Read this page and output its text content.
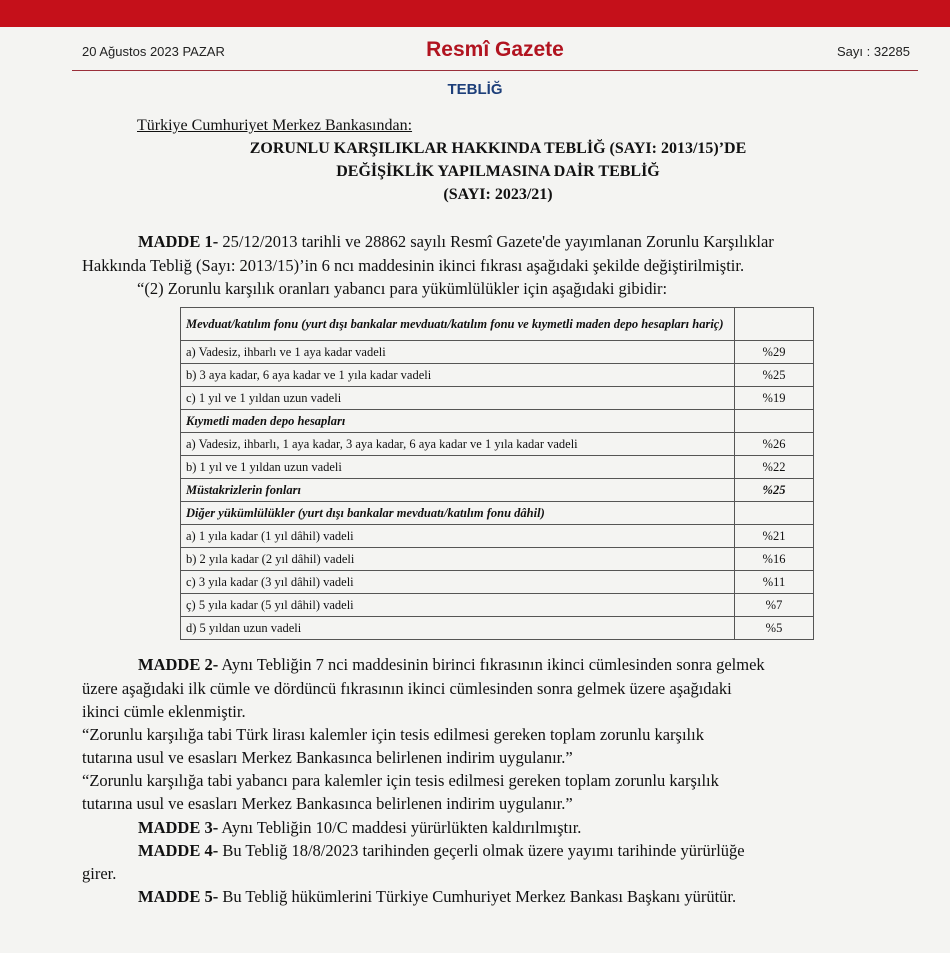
20 Ağustos 2023 PAZAR	Resmî Gazete	Sayı : 32285
TEBLİĞ
Türkiye Cumhuriyet Merkez Bankasından:
ZORUNLU KARŞILIKLAR HAKKINDA TEBLİĞ (SAYI: 2013/15)’DE
DEĞİŞİKLİK YAPILMASINA DAİR TEBLİĞ
(SAYI: 2023/21)
MADDE 1- 25/12/2013 tarihli ve 28862 sayılı Resmî Gazete'de yayımlanan Zorunlu Karşılıklar
Hakkında Tebliğ (Sayı: 2013/15)’in 6 ncı maddesinin ikinci fıkrası aşağıdaki şekilde değiştirilmiştir.
“(2) Zorunlu karşılık oranları yabancı para yükümlülükler için aşağıdaki gibidir:
Mevduat/katılım fonu (yurt dışı bankalar mevduatı/katılım fonu ve kıymetli maden depo hesapları hariç)	
a) Vadesiz, ihbarlı ve 1 aya kadar vadeli	%29
b) 3 aya kadar, 6 aya kadar ve 1 yıla kadar vadeli	%25
c) 1 yıl ve 1 yıldan uzun vadeli	%19
Kıymetli maden depo hesapları	
a) Vadesiz, ihbarlı, 1 aya kadar, 3 aya kadar, 6 aya kadar ve 1 yıla kadar vadeli	%26
b) 1 yıl ve 1 yıldan uzun vadeli	%22
Müstakrizlerin fonları	%25
Diğer yükümlülükler (yurt dışı bankalar mevduatı/katılım fonu dâhil)	
a) 1 yıla kadar (1 yıl dâhil) vadeli	%21
b) 2 yıla kadar (2 yıl dâhil) vadeli	%16
c) 3 yıla kadar (3 yıl dâhil) vadeli	%11
ç) 5 yıla kadar (5 yıl dâhil) vadeli	%7
d) 5 yıldan uzun vadeli	%5
MADDE 2- Aynı Tebliğin 7 nci maddesinin birinci fıkrasının ikinci cümlesinden sonra gelmek
üzere aşağıdaki ilk cümle ve dördüncü fıkrasının ikinci cümlesinden sonra gelmek üzere aşağıdaki
ikinci cümle eklenmiştir.
“Zorunlu karşılığa tabi Türk lirası kalemler için tesis edilmesi gereken toplam zorunlu karşılık
tutarına usul ve esasları Merkez Bankasınca belirlenen indirim uygulanır.”
“Zorunlu karşılığa tabi yabancı para kalemler için tesis edilmesi gereken toplam zorunlu karşılık
tutarına usul ve esasları Merkez Bankasınca belirlenen indirim uygulanır.”
MADDE 3- Aynı Tebliğin 10/C maddesi yürürlükten kaldırılmıştır.
MADDE 4- Bu Tebliğ 18/8/2023 tarihinden geçerli olmak üzere yayımı tarihinde yürürlüğe
girer.
MADDE 5- Bu Tebliğ hükümlerini Türkiye Cumhuriyet Merkez Bankası Başkanı yürütür.
